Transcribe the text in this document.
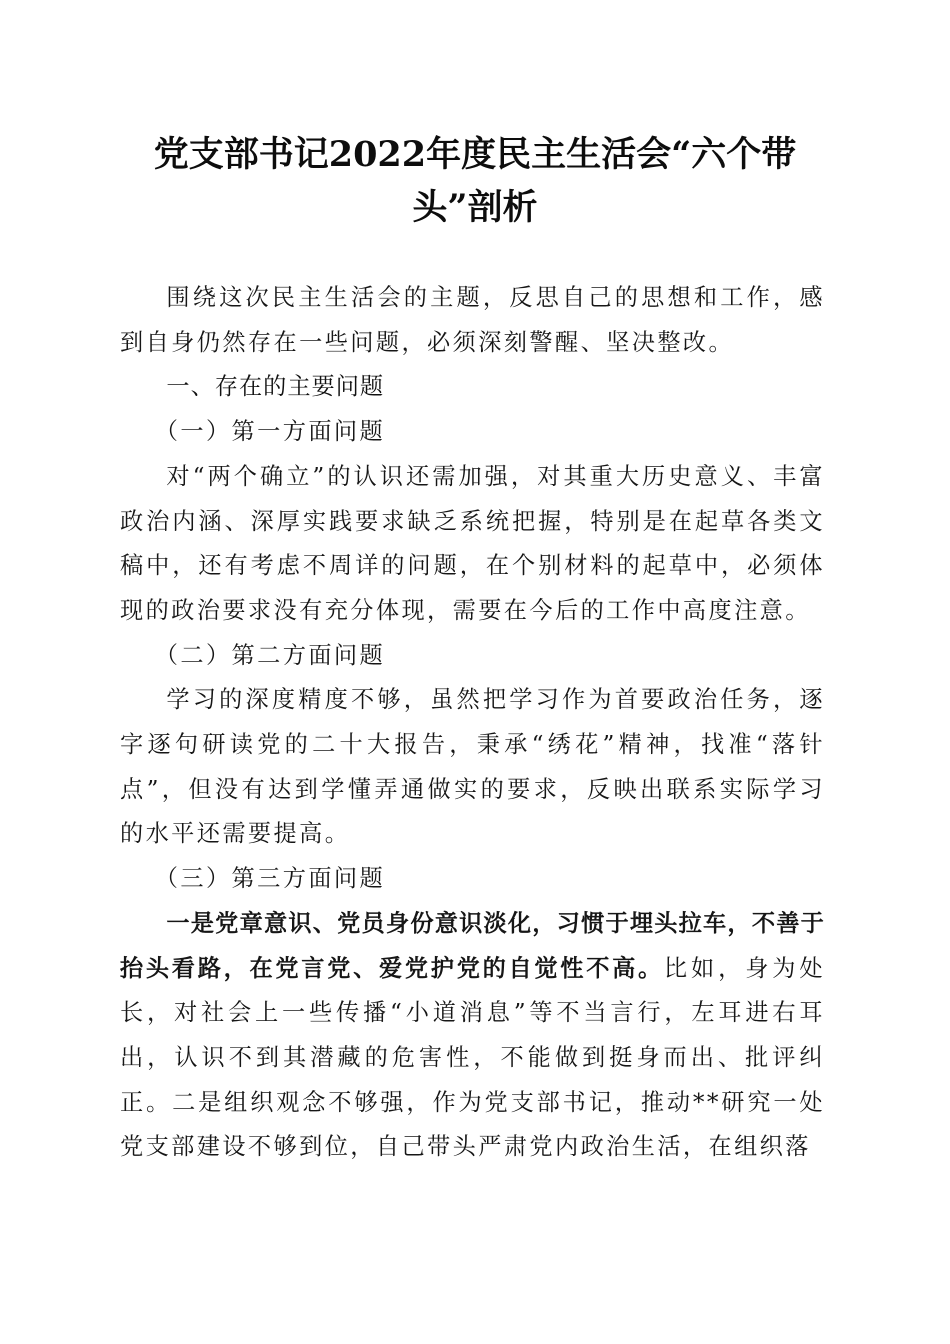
党支部书记2022年度民主生活会“六个带头”剖析

围绕这次民主生活会的主题，反思自己的思想和工作，感到自身仍然存在一些问题，必须深刻警醒、坚决整改。

一、存在的主要问题

（一）第一方面问题

对“两个确立”的认识还需加强，对其重大历史意义、丰富政治内涵、深厚实践要求缺乏系统把握，特别是在起草各类文稿中，还有考虑不周详的问题，在个别材料的起草中，必须体现的政治要求没有充分体现，需要在今后的工作中高度注意。

（二）第二方面问题

学习的深度精度不够，虽然把学习作为首要政治任务，逐字逐句研读党的二十大报告，秉承“绣花”精神，找准“落针点”，但没有达到学懂弄通做实的要求，反映出联系实际学习的水平还需要提高。

（三）第三方面问题

一是党章意识、党员身份意识淡化，习惯于埋头拉车，不善于抬头看路，在党言党、爱党护党的自觉性不高。比如，身为处长，对社会上一些传播“小道消息”等不当言行，左耳进右耳出，认识不到其潜藏的危害性，不能做到挺身而出、批评纠正。二是组织观念不够强，作为党支部书记，推动**研究一处党支部建设不够到位，自己带头严肃党内政治生活，在组织落
